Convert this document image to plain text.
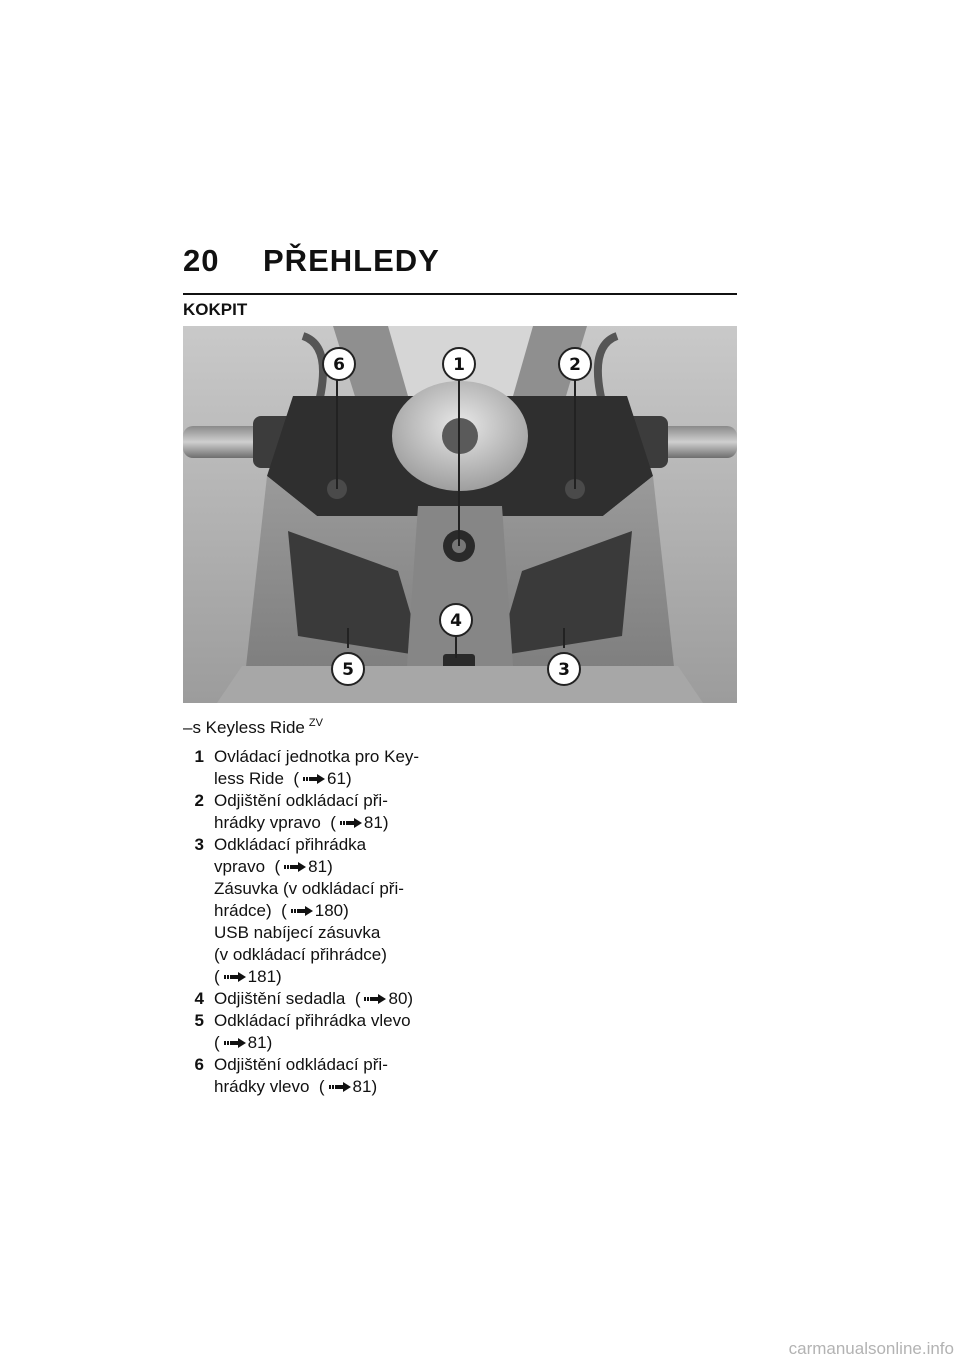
20 PŘEHLEDY
KOKPIT
6	1	2
4
5	3
–s Keyless Ride $^{ZV}$
1 Ovládací jednotka pro Key-
less Ride  ( 61)
2 Odjištění odkládací při-
hrádky vpravo  ( 81)
3 Odkládací přihrádka
vpravo  ( 81)
Zásuvka (v odkládací při-
hrádce)  ( 180)
USB nabíjecí zásuvka
(v odkládací přihrádce)
( 181)
4 Odjištění sedadla  ( 80)
5 Odkládací přihrádka vlevo
( 81)
6 Odjištění odkládací při-
hrádky vlevo  ( 81)
carmanualsonline.info
